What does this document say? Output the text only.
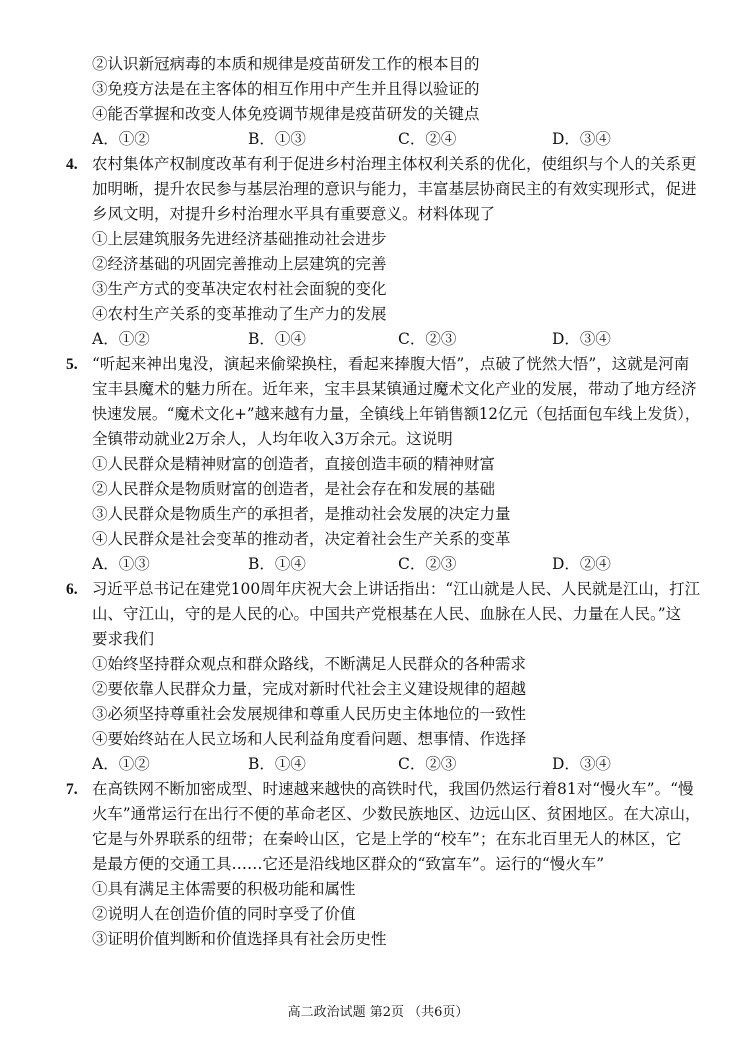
②认识新冠病毒的本质和规律是疫苗研发工作的根本目的
③免疫方法是在主客体的相互作用中产生并且得以验证的
④能否掌握和改变人体免疫调节规律是疫苗研发的关键点
A．①②	B．①③	C．②④	D．③④
4. 农村集体产权制度改革有利于促进乡村治理主体权利关系的优化，使组织与个人的关系更
加明晰，提升农民参与基层治理的意识与能力，丰富基层协商民主的有效实现形式，促进
乡风文明，对提升乡村治理水平具有重要意义。材料体现了
①上层建筑服务先进经济基础推动社会进步
②经济基础的巩固完善推动上层建筑的完善
③生产方式的变革决定农村社会面貌的变化
④农村生产关系的变革推动了生产力的发展
A．①②	B．①④	C．②③	D．③④
5. “听起来神出鬼没，演起来偷梁换柱，看起来捧腹大悟”，点破了恍然大悟”，这就是河南
宝丰县魔术的魅力所在。近年来，宝丰县某镇通过魔术文化产业的发展，带动了地方经济
快速发展。“魔术文化+”越来越有力量，全镇线上年销售额12亿元（包括面包车线上发货），
全镇带动就业2万余人，人均年收入3万余元。这说明
①人民群众是精神财富的创造者，直接创造丰硕的精神财富
②人民群众是物质财富的创造者，是社会存在和发展的基础
③人民群众是物质生产的承担者，是推动社会发展的决定力量
④人民群众是社会变革的推动者，决定着社会生产关系的变革
A．①③	B．①④	C．②③	D．②④
6. 习近平总书记在建党100周年庆祝大会上讲话指出：“江山就是人民、人民就是江山，打江
山、守江山，守的是人民的心。中国共产党根基在人民、血脉在人民、力量在人民。”这
要求我们
①始终坚持群众观点和群众路线，不断满足人民群众的各种需求
②要依靠人民群众力量，完成对新时代社会主义建设规律的超越
③必须坚持尊重社会发展规律和尊重人民历史主体地位的一致性
④要始终站在人民立场和人民利益角度看问题、想事情、作选择
A．①②	B．①④	C．②③	D．③④
7. 在高铁网不断加密成型、时速越来越快的高铁时代，我国仍然运行着81对“慢火车”。“慢
火车”通常运行在出行不便的革命老区、少数民族地区、边远山区、贫困地区。在大凉山，
它是与外界联系的纽带；在秦岭山区，它是上学的“校车”；在东北百里无人的林区，它
是最方便的交通工具……它还是沿线地区群众的“致富车”。运行的“慢火车”
①具有满足主体需要的积极功能和属性
②说明人在创造价值的同时享受了价值
③证明价值判断和价值选择具有社会历史性
高二政治试题 第2页 （共6页）
